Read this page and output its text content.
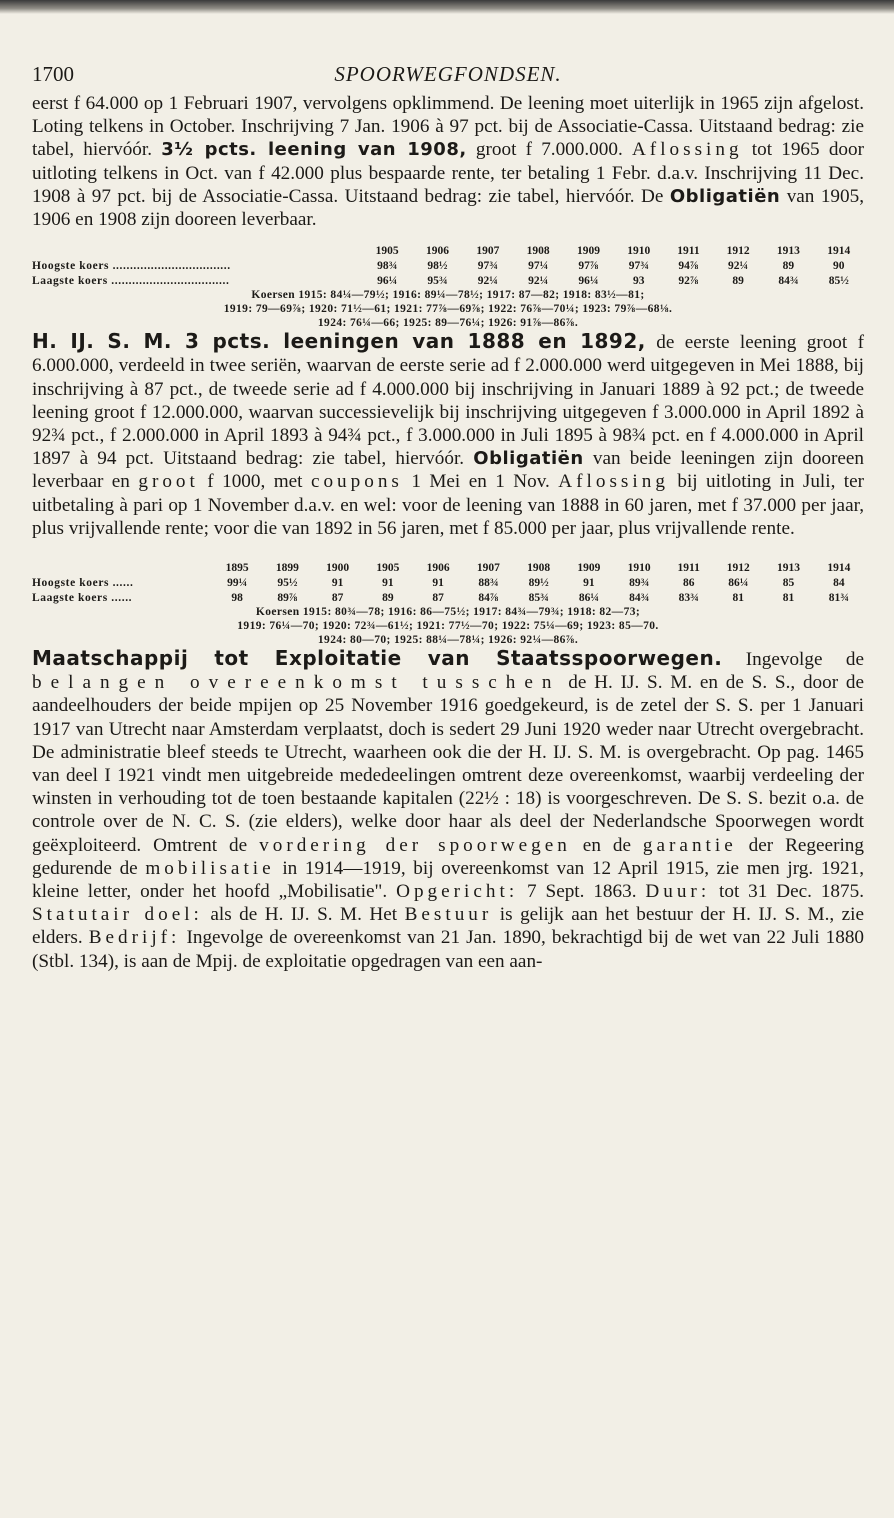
1700	SPOORWEGFONDSEN.

eerst f 64.000 op 1 Februari 1907, vervolgens opklimmend. De leening moet uiterlijk in 1965 zijn afgelost. Loting telkens in October. Inschrijving 7 Jan. 1906 à 97 pct. bij de Associatie-Cassa. Uitstaand bedrag: zie tabel, hiervóór. 3½ pcts. leening van 1908, groot f 7.000.000. Aflossing tot 1965 door uitloting telkens in Oct. van f 42.000 plus bespaarde rente, ter betaling 1 Febr. d.a.v. Inschrijving 11 Dec. 1908 à 97 pct. bij de Associatie-Cassa. Uitstaand bedrag: zie tabel, hiervóór. De Obligatiën van 1905, 1906 en 1908 zijn dooreen leverbaar.

	1905	1906	1907	1908	1909	1910	1911	1912	1913	1914
Hoogste koers ..................................	98¾	98½	97¾	97¼	97⅞	97¾	94⅞	92¼	89	90
Laagste koers ..................................	96¼	95¾	92¼	92¼	96¼	93	92⅞	89	84¾	85½
Koersen 1915: 84¼—79½; 1916: 89¼—78½; 1917: 87—82; 1918: 83½—81;
1919: 79—69⅞; 1920: 71½—61; 1921: 77⅞—69⅞; 1922: 76⅞—70¼; 1923: 79⅞—68⅛.
1924: 76¼—66; 1925: 89—76¼; 1926: 91⅞—86⅞.

H. IJ. S. M. 3 pcts. leeningen van 1888 en 1892, de eerste leening groot f 6.000.000, verdeeld in twee seriën, waarvan de eerste serie ad f 2.000.000 werd uitgegeven in Mei 1888, bij inschrijving à 87 pct., de tweede serie ad f 4.000.000 bij inschrijving in Januari 1889 à 92 pct.; de tweede leening groot f 12.000.000, waarvan successievelijk bij inschrijving uitgegeven f 3.000.000 in April 1892 à 92¾ pct., f 2.000.000 in April 1893 à 94¾ pct., f 3.000.000 in Juli 1895 à 98¾ pct. en f 4.000.000 in April 1897 à 94 pct. Uitstaand bedrag: zie tabel, hiervóór. Obligatiën van beide leeningen zijn dooreen leverbaar en groot f 1000, met coupons 1 Mei en 1 Nov. Aflossing bij uitloting in Juli, ter uitbetaling à pari op 1 November d.a.v. en wel: voor de leening van 1888 in 60 jaren, met f 37.000 per jaar, plus vrijvallende rente; voor die van 1892 in 56 jaren, met f 85.000 per jaar, plus vrijvallende rente.

	1895	1899	1900	1905	1906	1907	1908	1909	1910	1911	1912	1913	1914
Hoogste koers ......	99¼	95½	91	91	91	88¾	89½	91	89¾	86	86¼	85	84
Laagste koers ......	98	89⅞	87	89	87	84⅞	85¾	86¼	84¾	83¾	81	81	81¾
Koersen 1915: 80¾—78; 1916: 86—75½; 1917: 84¾—79¾; 1918: 82—73;
1919: 76¼—70; 1920: 72¾—61½; 1921: 77½—70; 1922: 75¼—69; 1923: 85—70.
1924: 80—70; 1925: 88¼—78¼; 1926: 92¼—86⅞.

Maatschappij tot Exploitatie van Staatsspoorwegen. Ingevolge de belangen overeenkomst tusschen de H. IJ. S. M. en de S. S., door de aandeelhouders der beide mpijen op 25 November 1916 goedgekeurd, is de zetel der S. S. per 1 Januari 1917 van Utrecht naar Amsterdam verplaatst, doch is sedert 29 Juni 1920 weder naar Utrecht overgebracht. De administratie bleef steeds te Utrecht, waarheen ook die der H. IJ. S. M. is overgebracht. Op pag. 1465 van deel I 1921 vindt men uitgebreide mededeelingen omtrent deze overeenkomst, waarbij verdeeling der winsten in verhouding tot de toen bestaande kapitalen (22½ : 18) is voorgeschreven. De S. S. bezit o.a. de controle over de N. C. S. (zie elders), welke door haar als deel der Nederlandsche Spoorwegen wordt geëxploiteerd. Omtrent de vordering der spoorwegen en de garantie der Regeering gedurende de mobilisatie in 1914—1919, bij overeenkomst van 12 April 1915, zie men jrg. 1921, kleine letter, onder het hoofd „Mobilisatie". Opgericht: 7 Sept. 1863. Duur: tot 31 Dec. 1875. Statutair doel: als de H. IJ. S. M. Het Bestuur is gelijk aan het bestuur der H. IJ. S. M., zie elders. Bedrijf: Ingevolge de overeenkomst van 21 Jan. 1890, bekrachtigd bij de wet van 22 Juli 1880 (Stbl. 134), is aan de Mpij. de exploitatie opgedragen van een aan-
